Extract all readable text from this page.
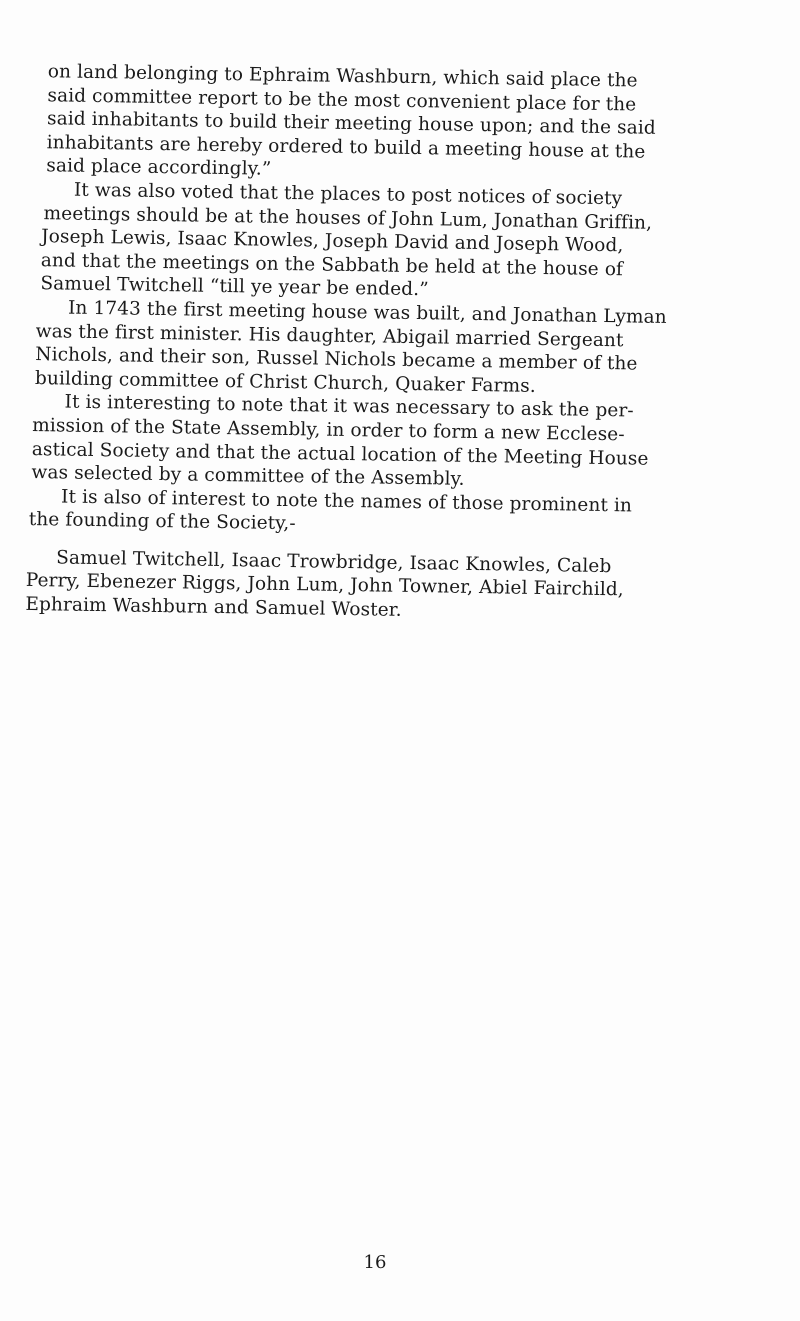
on land belonging to Ephraim Washburn, which said place the
said committee report to be the most convenient place for the
said inhabitants to build their meeting house upon; and the said
inhabitants are hereby ordered to build a meeting house at the
said place accordingly.”
It was also voted that the places to post notices of society
meetings should be at the houses of John Lum, Jonathan Griffin,
Joseph Lewis, Isaac Knowles, Joseph David and Joseph Wood,
and that the meetings on the Sabbath be held at the house of
Samuel Twitchell “till ye year be ended.”
In 1743 the first meeting house was built, and Jonathan Lyman
was the first minister. His daughter, Abigail married Sergeant
Nichols, and their son, Russel Nichols became a member of the
building committee of Christ Church, Quaker Farms.
It is interesting to note that it was necessary to ask the per-
mission of the State Assembly, in order to form a new Ecclese-
astical Society and that the actual location of the Meeting House
was selected by a committee of the Assembly.
It is also of interest to note the names of those prominent in
the founding of the Society,-
Samuel Twitchell, Isaac Trowbridge, Isaac Knowles, Caleb
Perry, Ebenezer Riggs, John Lum, John Towner, Abiel Fairchild,
Ephraim Washburn and Samuel Woster.
16
